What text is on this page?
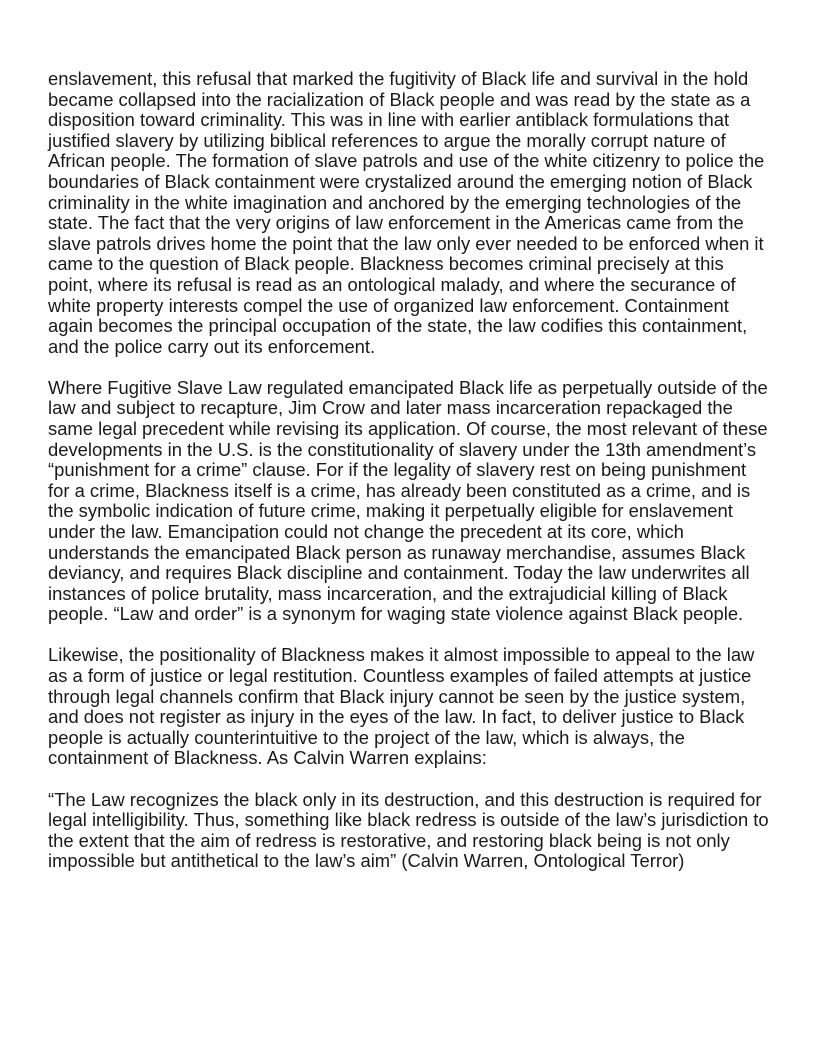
enslavement, this refusal that marked the fugitivity of Black life and survival in the hold became collapsed into the racialization of Black people and was read by the state as a disposition toward criminality. This was in line with earlier antiblack formulations that justified slavery by utilizing biblical references to argue the morally corrupt nature of African people. The formation of slave patrols and use of the white citizenry to police the boundaries of Black containment were crystalized around the emerging notion of Black criminality in the white imagination and anchored by the emerging technologies of the state. The fact that the very origins of law enforcement in the Americas came from the slave patrols drives home the point that the law only ever needed to be enforced when it came to the question of Black people. Blackness becomes criminal precisely at this point, where its refusal is read as an ontological malady, and where the securance of white property interests compel the use of organized law enforcement. Containment again becomes the principal occupation of the state, the law codifies this containment, and the police carry out its enforcement.

Where Fugitive Slave Law regulated emancipated Black life as perpetually outside of the law and subject to recapture, Jim Crow and later mass incarceration repackaged the same legal precedent while revising its application. Of course, the most relevant of these developments in the U.S. is the constitutionality of slavery under the 13th amendment’s “punishment for a crime” clause. For if the legality of slavery rest on being punishment for a crime, Blackness itself is a crime, has already been constituted as a crime, and is the symbolic indication of future crime, making it perpetually eligible for enslavement under the law. Emancipation could not change the precedent at its core, which understands the emancipated Black person as runaway merchandise, assumes Black deviancy, and requires Black discipline and containment. Today the law underwrites all instances of police brutality, mass incarceration, and the extrajudicial killing of Black people. “Law and order” is a synonym for waging state violence against Black people.

Likewise, the positionality of Blackness makes it almost impossible to appeal to the law as a form of justice or legal restitution. Countless examples of failed attempts at justice through legal channels confirm that Black injury cannot be seen by the justice system, and does not register as injury in the eyes of the law. In fact, to deliver justice to Black people is actually counterintuitive to the project of the law, which is always, the containment of Blackness. As Calvin Warren explains:

“The Law recognizes the black only in its destruction, and this destruction is required for legal intelligibility. Thus, something like black redress is outside of the law’s jurisdiction to the extent that the aim of redress is restorative, and restoring black being is not only impossible but antithetical to the law’s aim” (Calvin Warren, Ontological Terror)
